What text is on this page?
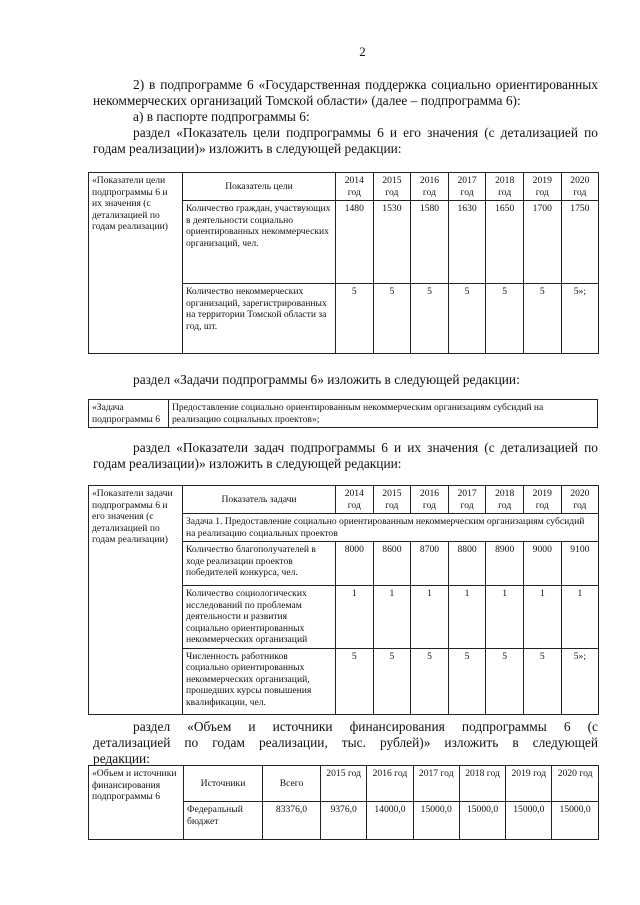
2
2) в подпрограмме 6 «Государственная поддержка социально ориентированных некоммерческих организаций Томской области» (далее – подпрограмма 6):
а) в паспорте подпрограммы 6:
раздел «Показатель цели подпрограммы 6 и его значения (с детализацией по годам реализации)» изложить в следующей редакции:
«Показатели цели подпрограммы 6 и их значения (с детализацией по годам реализации)	Показатель цели	2014 год	2015 год	2016 год	2017 год	2018 год	2019 год	2020 год
	Количество граждан, участвующих в деятельности социально ориентированных некоммерческих организаций, чел.	1480	1530	1580	1630	1650	1700	1750
	Количество некоммерческих организаций, зарегистрированных на территории Томской области за год, шт.	5	5	5	5	5	5	5»;
раздел «Задачи подпрограммы 6» изложить в следующей редакции:
«Задача подпрограммы 6	Предоставление социально ориентированным некоммерческим организациям субсидий на реализацию социальных проектов»;
раздел «Показатели задач подпрограммы 6 и их значения (с детализацией по годам реализации)» изложить в следующей редакции:
«Показатели задачи подпрограммы 6 и его значения (с детализацией по годам реализации)	Показатель задачи	2014 год	2015 год	2016 год	2017 год	2018 год	2019 год	2020 год
	Задача 1. Предоставление социально ориентированным некоммерческим организациям субсидий на реализацию социальных проектов							
	Количество благополучателей в ходе реализации проектов победителей конкурса, чел.	8000	8600	8700	8800	8900	9000	9100
	Количество социологических исследований по проблемам деятельности и развития социально ориентированных некоммерческих организаций	1	1	1	1	1	1	1
	Численность работников социально ориентированных некоммерческих организаций, прошедших курсы повышения квалификации, чел.	5	5	5	5	5	5	5»;
раздел «Объем и источники финансирования подпрограммы 6 (с детализацией по годам реализации, тыс. рублей)» изложить в следующей редакции:
«Объем и источники финансирования подпрограммы 6	Источники	Всего	2015 год	2016 год	2017 год	2018 год	2019 год	2020 год
	Федеральный бюджет	83376,0	9376,0	14000,0	15000,0	15000,0	15000,0	15000,0
